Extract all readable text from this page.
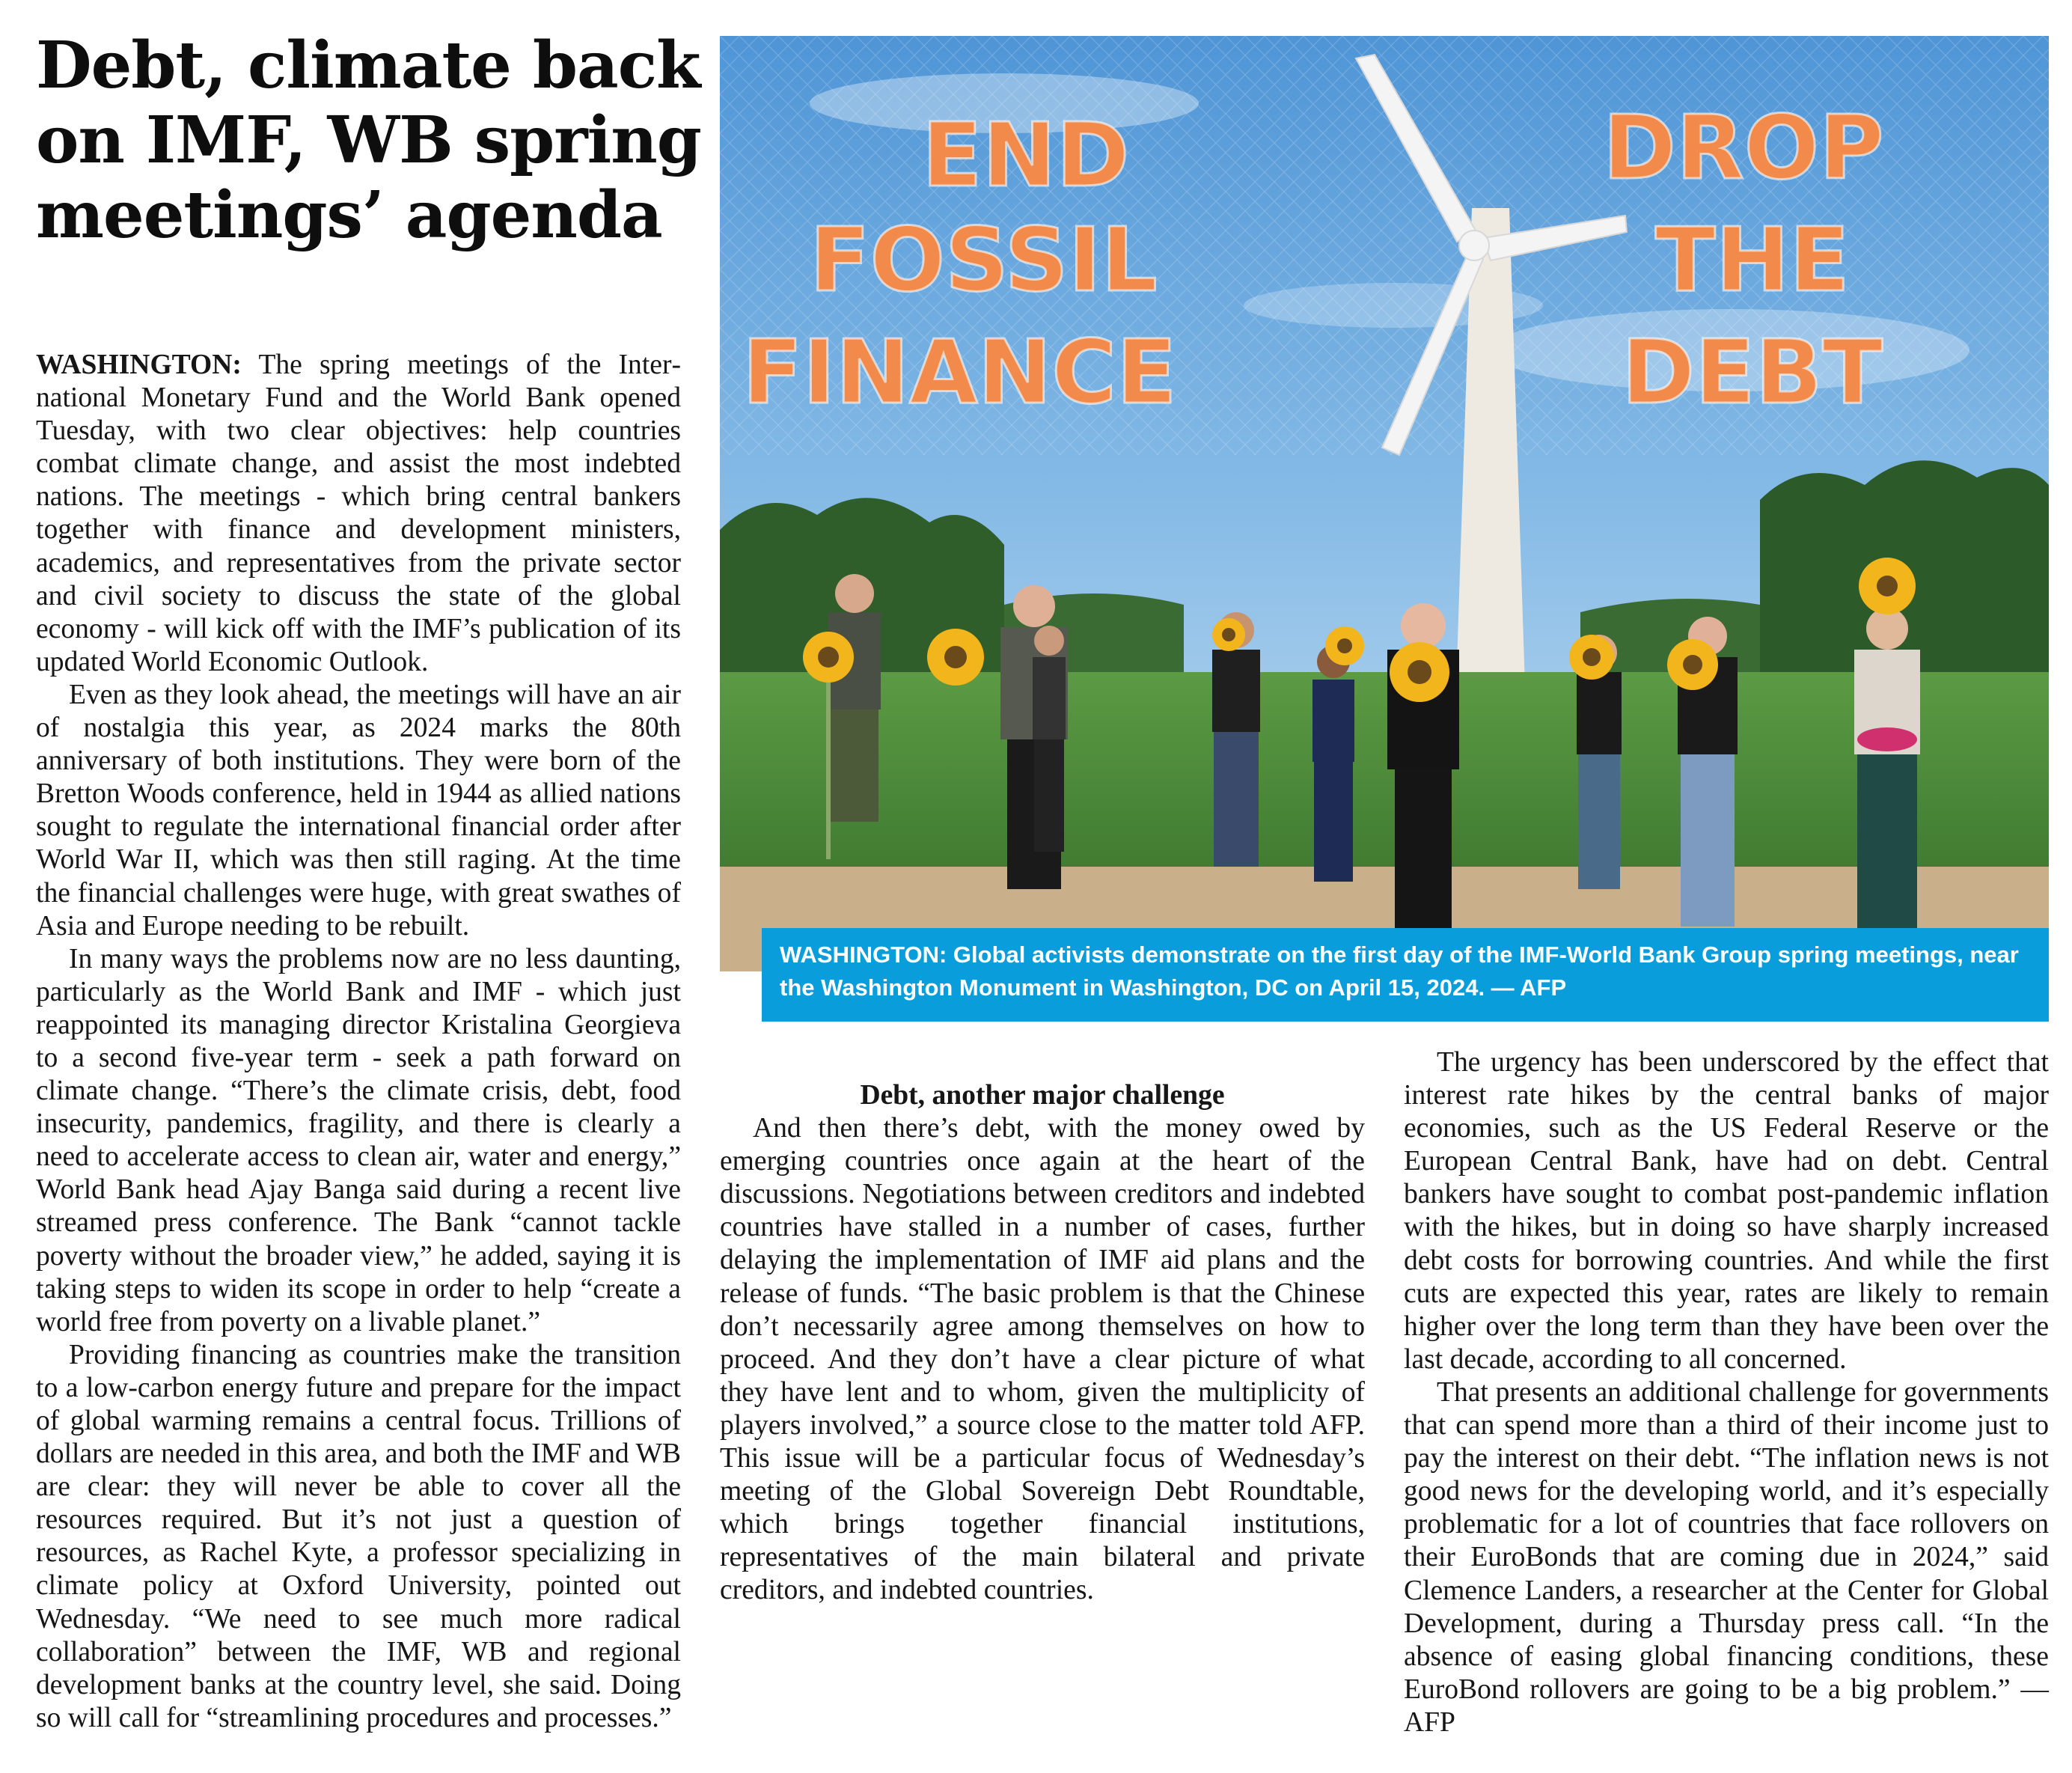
Debt, climate back on IMF, WB spring meetings’ agenda
END
FOSSIL
FINANCE
DROP
THE
DEBT
WASHINGTON: Global activists demonstrate on the first day of the IMF-World Bank Group spring meetings, near the Washington Monument in Washington, DC on April 15, 2024. — AFP

WASHINGTON: The spring meetings of the International Monetary Fund and the World Bank opened Tuesday, with two clear objectives: help countries combat climate change, and assist the most indebted nations. The meetings - which bring central bankers together with finance and development ministers, academics, and representatives from the private sector and civil society to discuss the state of the global economy - will kick off with the IMF’s publication of its updated World Economic Outlook.

Even as they look ahead, the meetings will have an air of nostalgia this year, as 2024 marks the 80th anniversary of both institutions. They were born of the Bretton Woods conference, held in 1944 as allied nations sought to regulate the international financial order after World War II, which was then still raging. At the time the financial challenges were huge, with great swathes of Asia and Europe needing to be rebuilt.

In many ways the problems now are no less daunting, particularly as the World Bank and IMF - which just reappointed its managing director Kristalina Georgieva to a second five-year term - seek a path forward on climate change. “There’s the climate crisis, debt, food insecurity, pandemics, fragility, and there is clearly a need to accelerate access to clean air, water and energy,” World Bank head Ajay Banga said during a recent live streamed press conference. The Bank “cannot tackle poverty without the broader view,” he added, saying it is taking steps to widen its scope in order to help “create a world free from poverty on a livable planet.”

Providing financing as countries make the transition to a low-carbon energy future and prepare for the impact of global warming remains a central focus. Trillions of dollars are needed in this area, and both the IMF and WB are clear: they will never be able to cover all the resources required. But it’s not just a question of resources, as Rachel Kyte, a professor specializing in climate policy at Oxford University, pointed out Wednesday. “We need to see much more radical collaboration” between the IMF, WB and regional development banks at the country level, she said. Doing so will call for “streamlining procedures and processes.”

Debt, another major challenge

And then there’s debt, with the money owed by emerging countries once again at the heart of the discussions. Negotiations between creditors and indebted countries have stalled in a number of cases, further delaying the implementation of IMF aid plans and the release of funds. “The basic problem is that the Chinese don’t necessarily agree among themselves on how to proceed. And they don’t have a clear picture of what they have lent and to whom, given the multiplicity of players involved,” a source close to the matter told AFP. This issue will be a particular focus of Wednesday’s meeting of the Global Sovereign Debt Roundtable, which brings together financial institutions, representatives of the main bilateral and private creditors, and indebted countries.

The urgency has been underscored by the effect that interest rate hikes by the central banks of major economies, such as the US Federal Reserve or the European Central Bank, have had on debt. Central bankers have sought to combat post-pandemic inflation with the hikes, but in doing so have sharply increased debt costs for borrowing countries. And while the first cuts are expected this year, rates are likely to remain higher over the long term than they have been over the last decade, according to all concerned.

That presents an additional challenge for governments that can spend more than a third of their income just to pay the interest on their debt. “The inflation news is not good news for the developing world, and it’s especially problematic for a lot of countries that face rollovers on their EuroBonds that are coming due in 2024,” said Clemence Landers, a researcher at the Center for Global Development, during a Thursday press call. “In the absence of easing global financing conditions, these EuroBond rollovers are going to be a big problem.” — AFP
